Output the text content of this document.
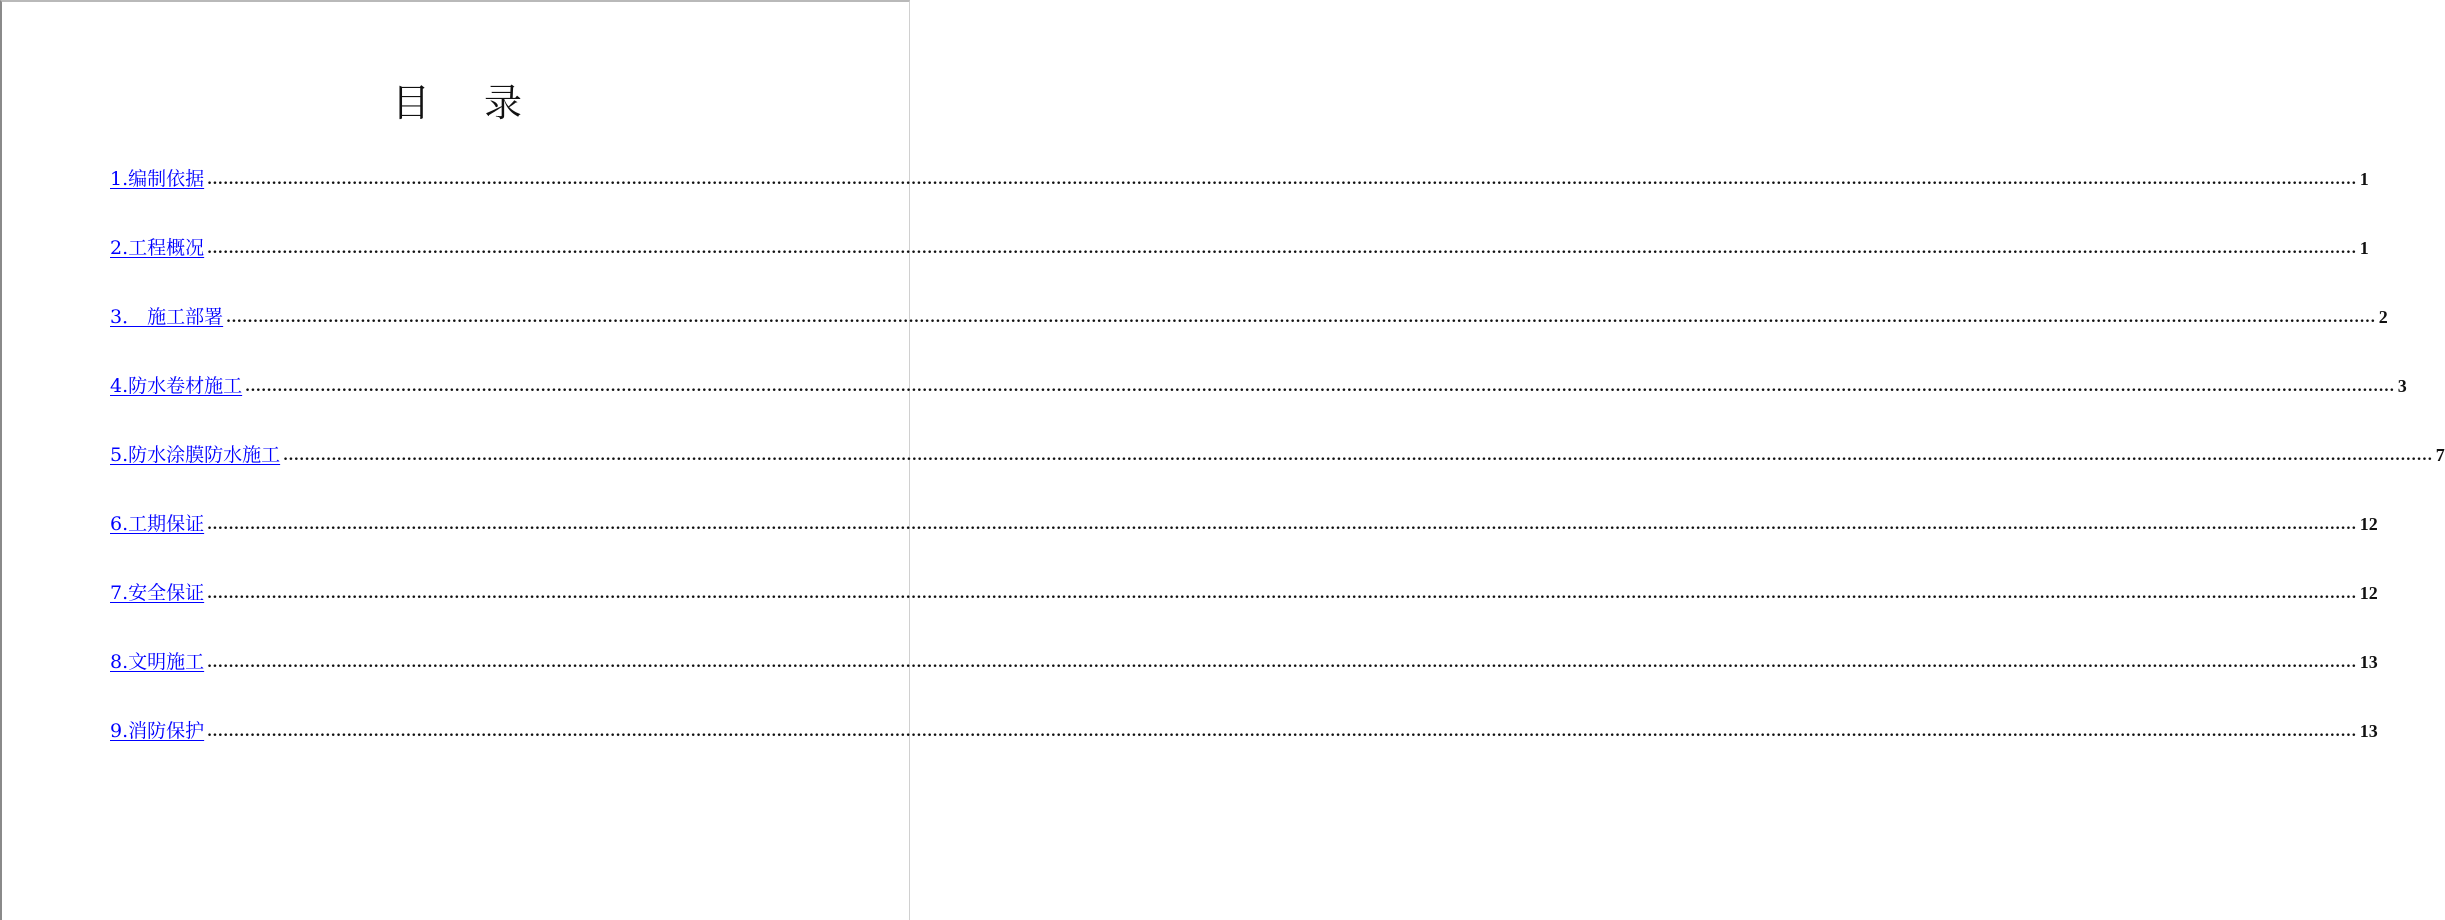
目 录
1.编制依据 ................................................................................................................................................................................................................................................................................................................................................................................................................ 1
2.工程概况 ................................................................................................................................................................................................................................................................................................................................................................................................................ 1
3． 施工部署 ................................................................................................................................................................................................................................................................................................................................................................................................................ 2
4.防水卷材施工 ................................................................................................................................................................................................................................................................................................................................................................................................................ 3
5.防水涂膜防水施工 ................................................................................................................................................................................................................................................................................................................................................................................................................ 7
6.工期保证 ................................................................................................................................................................................................................................................................................................................................................................................................................ 12
7.安全保证 ................................................................................................................................................................................................................................................................................................................................................................................................................ 12
8.文明施工 ................................................................................................................................................................................................................................................................................................................................................................................................................ 13
9.消防保护 ................................................................................................................................................................................................................................................................................................................................................................................................................ 13
